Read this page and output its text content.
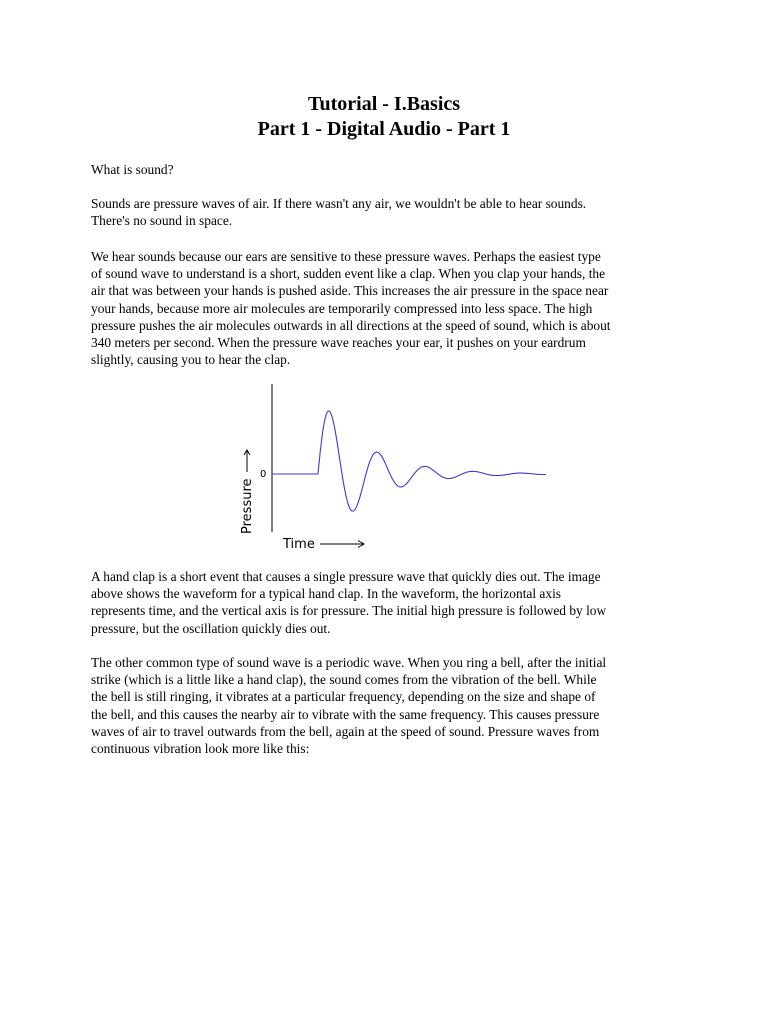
Tutorial - I.Basics
Part 1 - Digital Audio - Part 1

What is sound?

Sounds are pressure waves of air. If there wasn't any air, we wouldn't be able to hear sounds.
There's no sound in space.

We hear sounds because our ears are sensitive to these pressure waves. Perhaps the easiest type
of sound wave to understand is a short, sudden event like a clap. When you clap your hands, the
air that was between your hands is pushed aside. This increases the air pressure in the space near
your hands, because more air molecules are temporarily compressed into less space. The high
pressure pushes the air molecules outwards in all directions at the speed of sound, which is about
340 meters per second. When the pressure wave reaches your ear, it pushes on your eardrum
slightly, causing you to hear the clap.

0
Pressure
Time

A hand clap is a short event that causes a single pressure wave that quickly dies out. The image
above shows the waveform for a typical hand clap. In the waveform, the horizontal axis
represents time, and the vertical axis is for pressure. The initial high pressure is followed by low
pressure, but the oscillation quickly dies out.

The other common type of sound wave is a periodic wave. When you ring a bell, after the initial
strike (which is a little like a hand clap), the sound comes from the vibration of the bell. While
the bell is still ringing, it vibrates at a particular frequency, depending on the size and shape of
the bell, and this causes the nearby air to vibrate with the same frequency. This causes pressure
waves of air to travel outwards from the bell, again at the speed of sound. Pressure waves from
continuous vibration look more like this:
